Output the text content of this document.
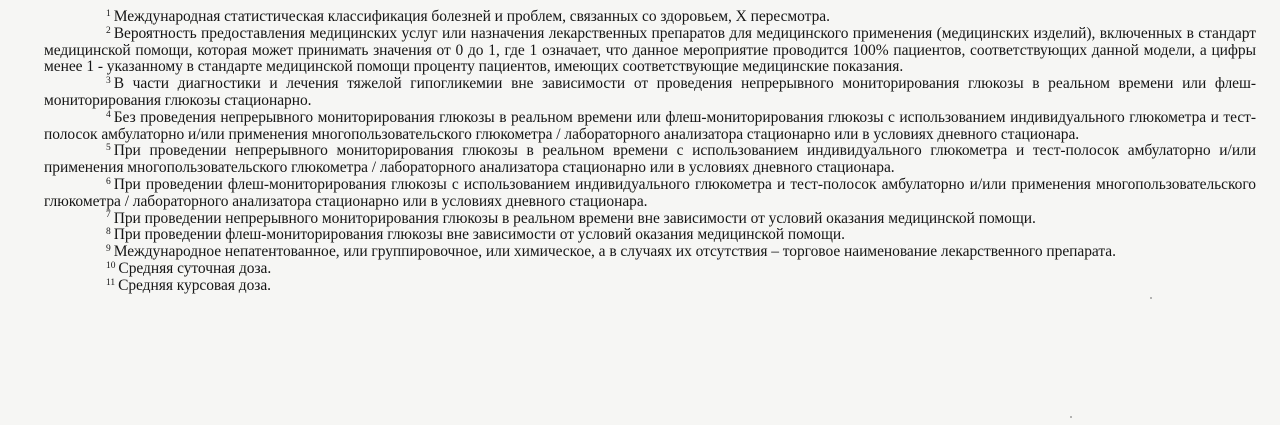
$^1$ Международная статистическая классификация болезней и проблем, связанных со здоровьем, X пересмотра.

$^2$ Вероятность предоставления медицинских услуг или назначения лекарственных препаратов для медицинского применения (медицинских изделий), включенных в стандарт медицинской помощи, которая может принимать значения от 0 до 1, где 1 означает, что данное мероприятие проводится 100% пациентов, соответствующих данной модели, а цифры менее 1 - указанному в стандарте медицинской помощи проценту пациентов, имеющих соответствующие медицинские показания.

$^3$ В части диагностики и лечения тяжелой гипогликемии вне зависимости от проведения непрерывного мониторирования глюкозы в реальном времени или флеш-мониторирования глюкозы стационарно.

$^4$ Без проведения непрерывного мониторирования глюкозы в реальном времени или флеш-мониторирования глюкозы с использованием индивидуального глюкометра и тест-полосок амбулаторно и/или применения многопользовательского глюкометра / лабораторного анализатора стационарно или в условиях дневного стационара.

$^5$ При проведении непрерывного мониторирования глюкозы в реальном времени с использованием индивидуального глюкометра и тест-полосок амбулаторно и/или применения многопользовательского глюкометра / лабораторного анализатора стационарно или в условиях дневного стационара.

$^6$ При проведении флеш-мониторирования глюкозы с использованием индивидуального глюкометра и тест-полосок амбулаторно и/или применения многопользовательского глюкометра / лабораторного анализатора стационарно или в условиях дневного стационара.

$^7$ При проведении непрерывного мониторирования глюкозы в реальном времени вне зависимости от условий оказания медицинской помощи.

$^8$ При проведении флеш-мониторирования глюкозы вне зависимости от условий оказания медицинской помощи.

$^9$ Международное непатентованное, или группировочное, или химическое, а в случаях их отсутствия – торговое наименование лекарственного препарата.

$^{10}$ Средняя суточная доза.

$^{11}$ Средняя курсовая доза.
